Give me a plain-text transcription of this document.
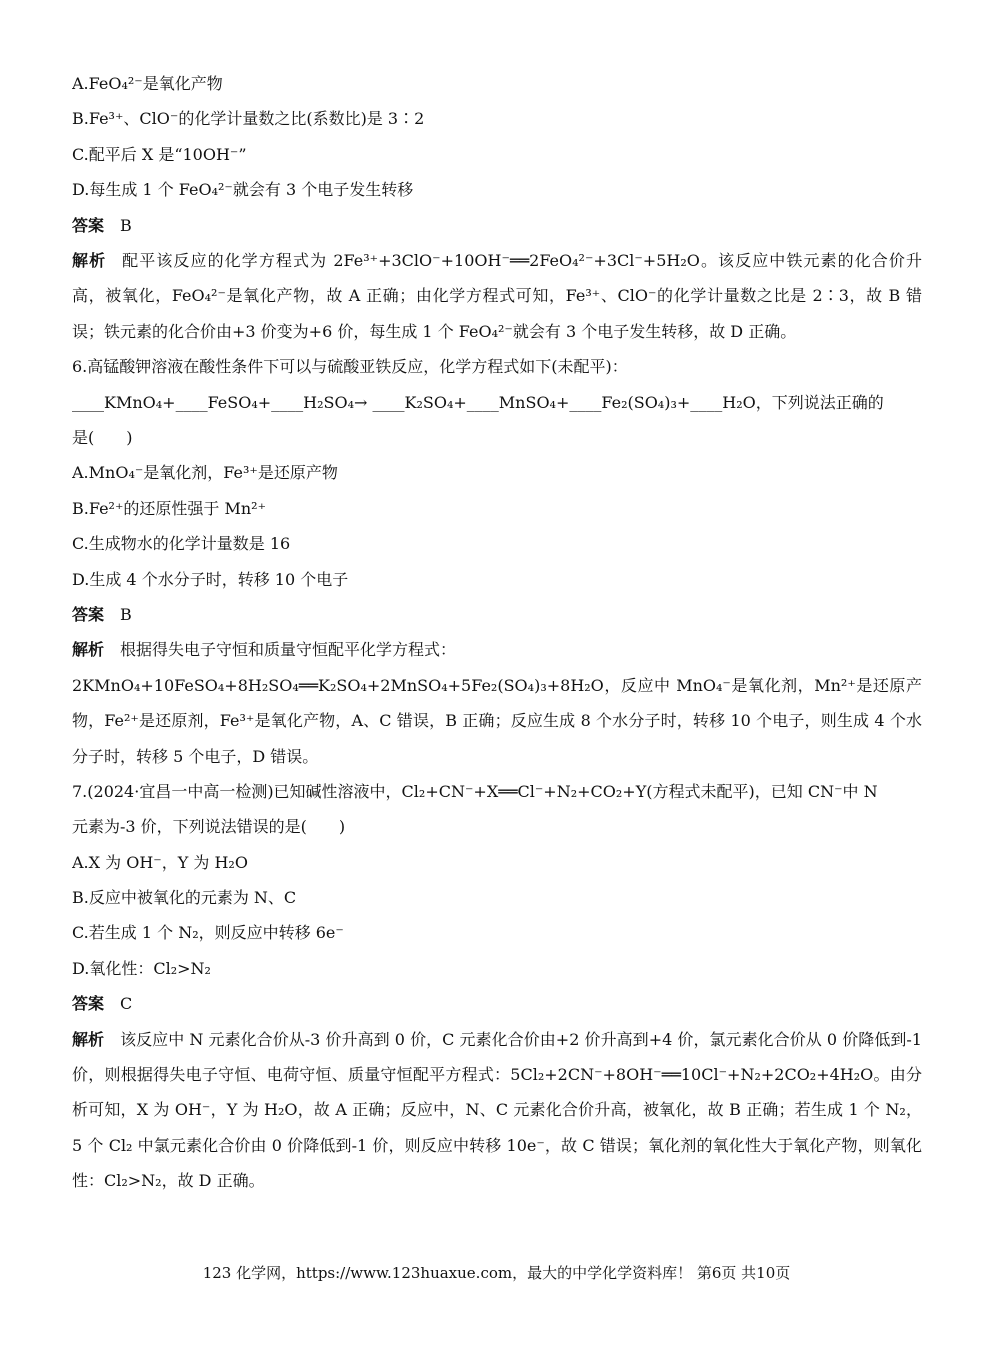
A.FeO₄²⁻是氧化产物
B.Fe³⁺、ClO⁻的化学计量数之比(系数比)是 3∶2
C.配平后 X 是“10OH⁻”
D.每生成 1 个 FeO₄²⁻就会有 3 个电子发生转移
答案 B
解析 配平该反应的化学方程式为 2Fe³⁺+3ClO⁻+10OH⁻══2FeO₄²⁻+3Cl⁻+5H₂O。该反应中铁元素的化合价升高，被氧化，FeO₄²⁻是氧化产物，故 A 正确；由化学方程式可知，Fe³⁺、ClO⁻的化学计量数之比是 2∶3，故 B 错误；铁元素的化合价由+3 价变为+6 价，每生成 1 个 FeO₄²⁻就会有 3 个电子发生转移，故 D 正确。
6.高锰酸钾溶液在酸性条件下可以与硫酸亚铁反应，化学方程式如下(未配平)：
____KMnO₄+____FeSO₄+____H₂SO₄→ ____K₂SO₄+____MnSO₄+____Fe₂(SO₄)₃+____H₂O，下列说法正确的
是(　　)
A.MnO₄⁻是氧化剂，Fe³⁺是还原产物
B.Fe²⁺的还原性强于 Mn²⁺
C.生成物水的化学计量数是 16
D.生成 4 个水分子时，转移 10 个电子
答案 B
解析 根据得失电子守恒和质量守恒配平化学方程式：
2KMnO₄+10FeSO₄+8H₂SO₄══K₂SO₄+2MnSO₄+5Fe₂(SO₄)₃+8H₂O，反应中 MnO₄⁻是氧化剂，Mn²⁺是还原产物，Fe²⁺是还原剂，Fe³⁺是氧化产物，A、C 错误，B 正确；反应生成 8 个水分子时，转移 10 个电子，则生成 4 个水分子时，转移 5 个电子，D 错误。
7.(2024·宜昌一中高一检测)已知碱性溶液中，Cl₂+CN⁻+X══Cl⁻+N₂+CO₂+Y(方程式未配平)，已知 CN⁻中 N
元素为-3 价，下列说法错误的是(　　)
A.X 为 OH⁻，Y 为 H₂O
B.反应中被氧化的元素为 N、C
C.若生成 1 个 N₂，则反应中转移 6e⁻
D.氧化性：Cl₂>N₂
答案 C
解析 该反应中 N 元素化合价从-3 价升高到 0 价，C 元素化合价由+2 价升高到+4 价，氯元素化合价从 0 价降低到-1 价，则根据得失电子守恒、电荷守恒、质量守恒配平方程式：5Cl₂+2CN⁻+8OH⁻══10Cl⁻+N₂+2CO₂+4H₂O。由分析可知，X 为 OH⁻，Y 为 H₂O，故 A 正确；反应中，N、C 元素化合价升高，被氧化，故 B 正确；若生成 1 个 N₂，5 个 Cl₂ 中氯元素化合价由 0 价降低到-1 价，则反应中转移 10e⁻，故 C 错误；氧化剂的氧化性大于氧化产物，则氧化性：Cl₂>N₂，故 D 正确。
123 化学网，https://www.123huaxue.com，最大的中学化学资料库！ 第6页 共10页
